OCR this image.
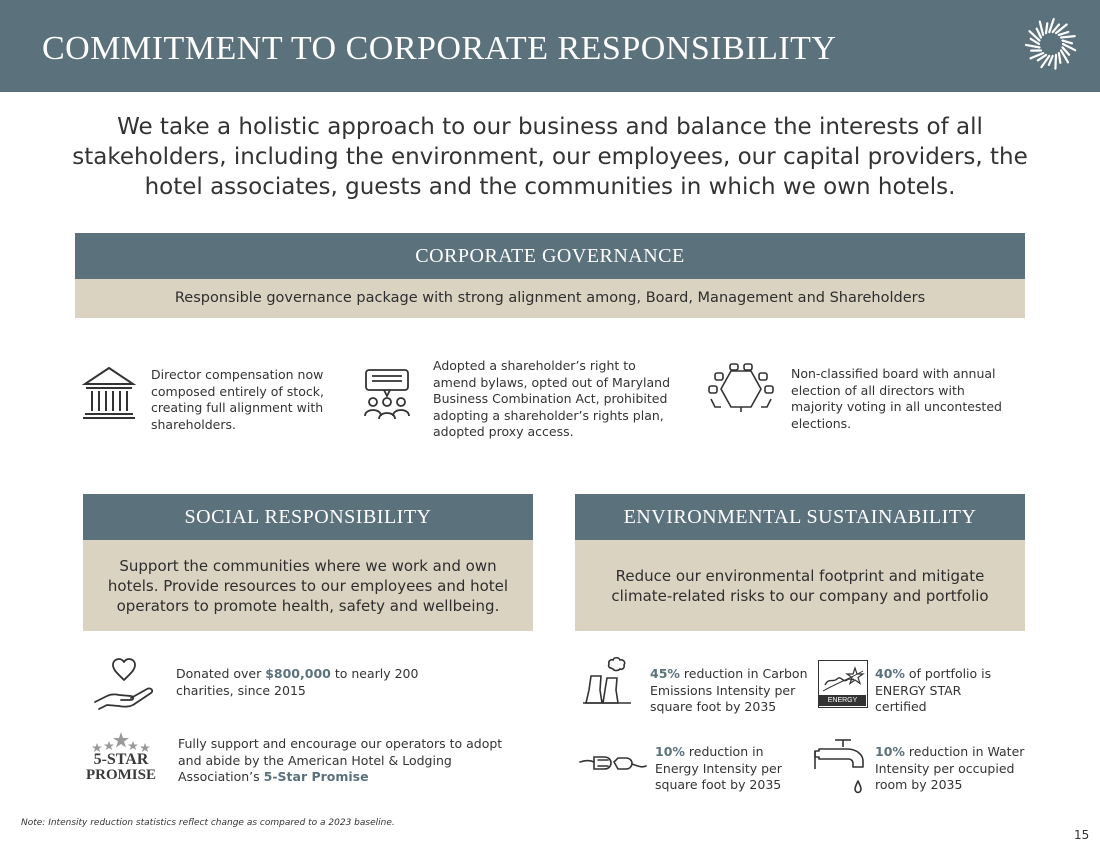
COMMITMENT TO CORPORATE RESPONSIBILITY
We take a holistic approach to our business and balance the interests of all stakeholders, including the environment, our employees, our capital providers, the hotel associates, guests and the communities in which we own hotels.
CORPORATE GOVERNANCE
Responsible governance package with strong alignment among, Board, Management and Shareholders
Director compensation now composed entirely of stock, creating full alignment with shareholders.
Adopted a shareholder’s right to amend bylaws, opted out of Maryland Business Combination Act, prohibited adopting a shareholder’s rights plan, adopted proxy access.
Non-classified board with annual election of all directors with majority voting in all uncontested elections.
SOCIAL RESPONSIBILITY
Support the communities where we work and own hotels. Provide resources to our employees and hotel operators to promote health, safety and wellbeing.
Donated over $800,000 to nearly 200 charities, since 2015
5-STAR
PROMISE
Fully support and encourage our operators to adopt and abide by the American Hotel & Lodging Association’s 5-Star Promise
ENVIRONMENTAL SUSTAINABILITY
Reduce our environmental footprint and mitigate climate-related risks to our company and portfolio
45% reduction in Carbon Emissions Intensity per square foot by 2035	ENERGY STAR
40% of portfolio is ENERGY STAR certified
10% reduction in Energy Intensity per square foot by 2035
10% reduction in Water Intensity per occupied room by 2035
Note: Intensity reduction statistics reflect change as compared to a 2023 baseline.
15
